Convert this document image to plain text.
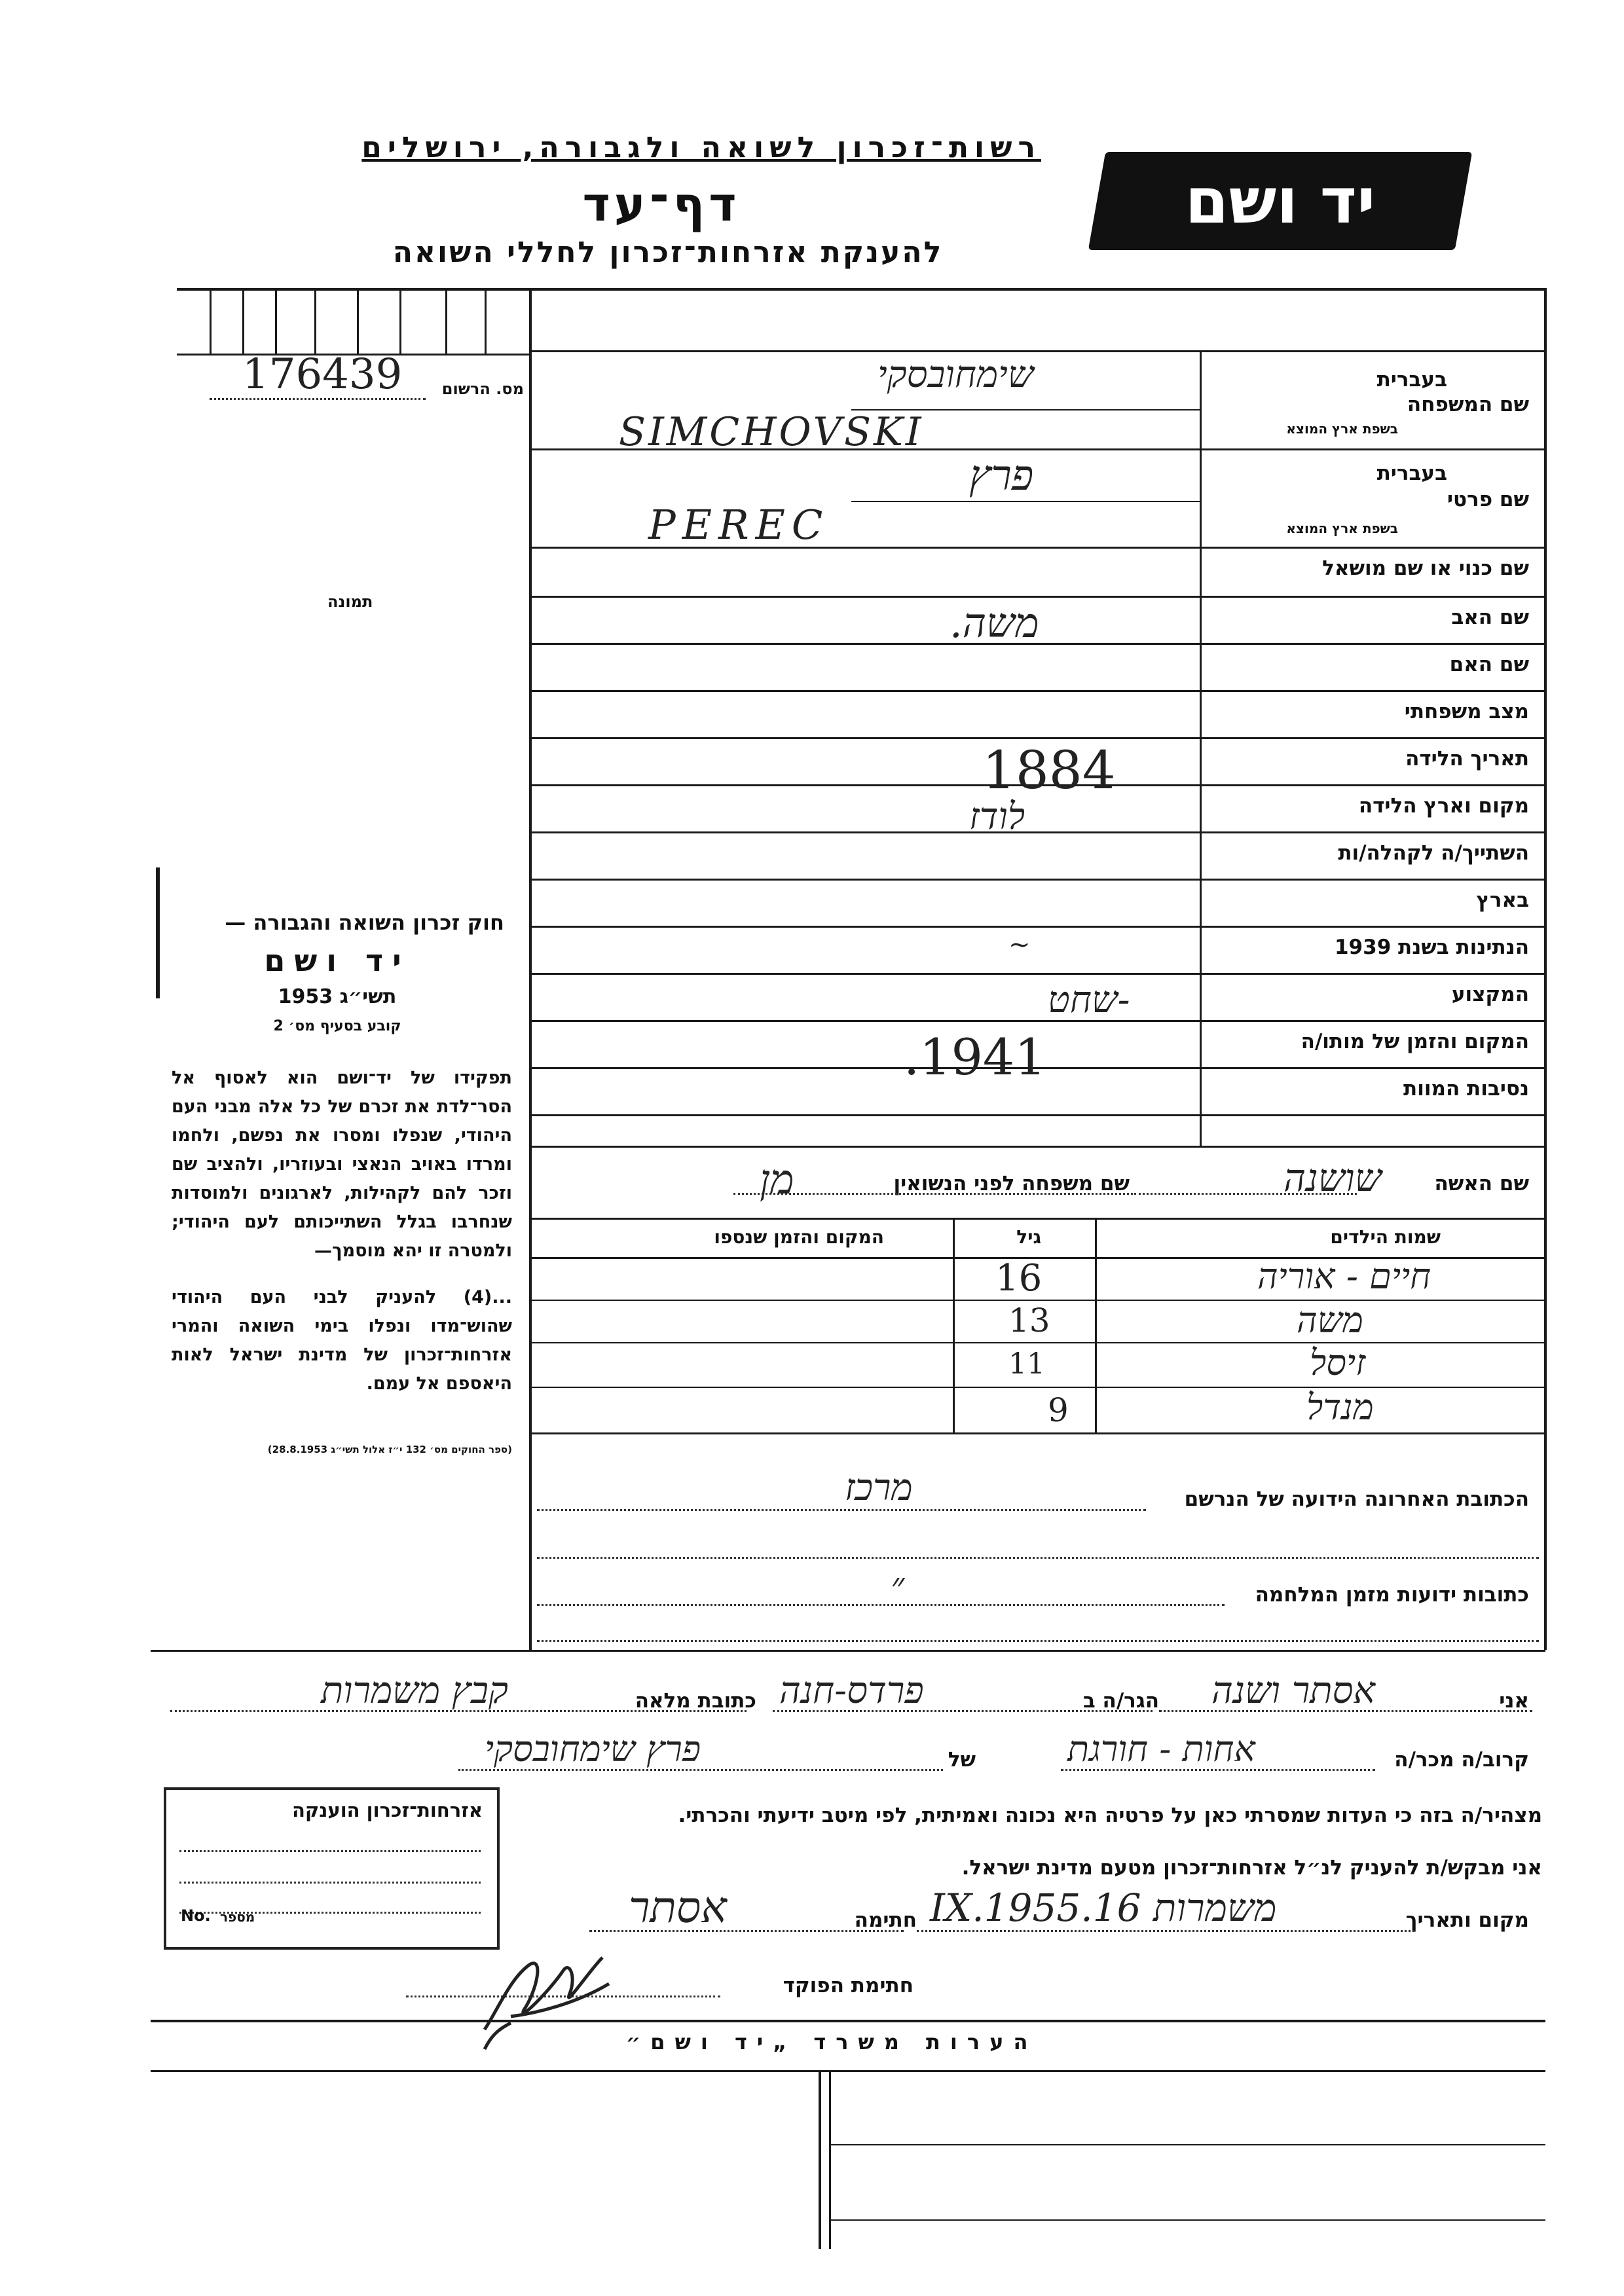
רשות־זכרון לשואה ולגבורה, ירושלים
דף־עד
להענקת אזרחות־זכרון לחללי השואה
יד ושם
מס. הרשום
176439
תמונה
שם המשפחה
בעברית
בשפת ארץ המוצא
שם פרטי
בעברית
בשפת ארץ המוצא
שם כנוי או שם מושאל
שם האב
שם האם
מצב משפחתי
תאריך הלידה
מקום וארץ הלידה
השתייך/ה לקהלה/ות
בארץ
הנתינות בשנת 1939
המקצוע
המקום והזמן של מותו/ה
נסיבות המוות
שימחובסקי
SIMCHOVSKI
פרץ
PEREC
משה.
1884
לודז
~
-שחט
.1941
שם האשה
שושנה
שם משפחה לפני הנשואין
מן
שמות הילדים
גיל
המקום והזמן שנספו
חיים - אוריה
16
משה
13
זיסל
11
מנדל
9
הכתובת האחרונה הידועה של הנרשם
מרכז
כתובות ידועות מזמן המלחמה
״
חוק זכרון השואה והגבורה —
יד ושם
תשי״ג 1953
קובע בסעיף מס׳ 2
תפקידו של יד־ושם הוא לאסוף אל הסר־לדת את זכרם של כל אלה מבני העם היהודי, שנפלו ומסרו את נפשם, ולחמו ומרדו באויב הנאצי ובעוזריו, ולהציב שם וזכר להם לקהילות, לארגונים ולמוסדות שנחרבו בגלל השתייכותם לעם היהודי; ולמטרה זו יהא מוסמך—
...(4) להעניק לבני העם היהודי שהוש־מדו ונפלו בימי השואה והמרי אזרחות־זכרון של מדינת ישראל לאות היאספם אל עמם.
(ספר החוקים מס׳ 132 י״ז אלול תשי״ג 28.8.1953)
אני
אסתר ושנה
הגר/ה ב
פרדס-חנה
כתובת מלאה
קבץ משמרות
קרוב/ה מכר/ה
אחות - חורגת
של
פרץ שימחובסקי
מצהיר/ה בזה כי העדות שמסרתי כאן על פרטיה היא נכונה ואמיתית, לפי מיטב ידיעתי והכרתי.
אני מבקש/ת להעניק לנ״ל אזרחות־זכרון מטעם מדינת ישראל.
מקום ותאריך
משמרות 16.IX.1955
חתימה
אסתר
חתימת הפוקד
אזרחות־זכרון הוענקה
No. מספר
הערות משרד „יד ושם״
